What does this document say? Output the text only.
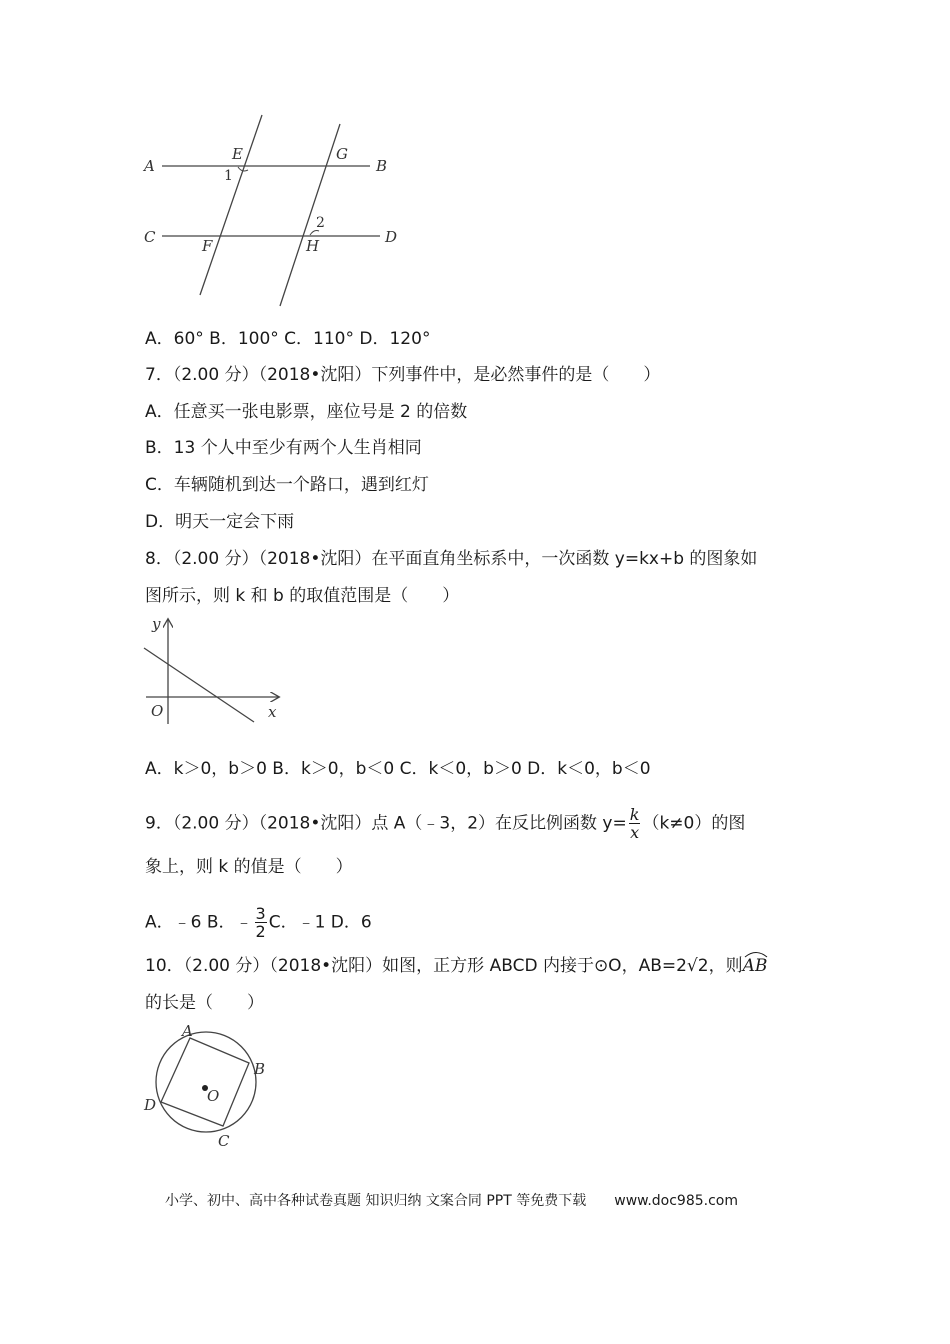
A	B
C	D
E
F
G
H
1
2
A．60° B．100° C．110° D．120°
7．（2.00 分）（2018•沈阳）下列事件中，是必然事件的是（　　）
A．任意买一张电影票，座位号是 2 的倍数
B．13 个人中至少有两个人生肖相同
C．车辆随机到达一个路口，遇到红灯
D．明天一定会下雨
8．（2.00 分）（2018•沈阳）在平面直角坐标系中，一次函数 y=kx+b 的图象如
图所示，则 k 和 b 的取值范围是（　　）
y
x
O
A．k＞0，b＞0 B．k＞0，b＜0 C．k＜0，b＞0 D．k＜0，b＜0
9．（2.00 分）（2018•沈阳）点 A（﹣3，2）在反比例函数 $y= \frac{k}{x} (k\ne 0)$的图
象上，则 k 的值是（　　）
A．﹣6 B．﹣ $\frac{3}{2}$ C．﹣1 D．6
10．（2.00 分）（2018•沈阳）如图，正方形 ABCD 内接于⊙O，AB=2√2，则
AB
的长是（　　）
A
B
C
D	O
小学、初中、高中各种试卷真题 知识归纳 文案合同 PPT 等免费下载 www.doc985.com
